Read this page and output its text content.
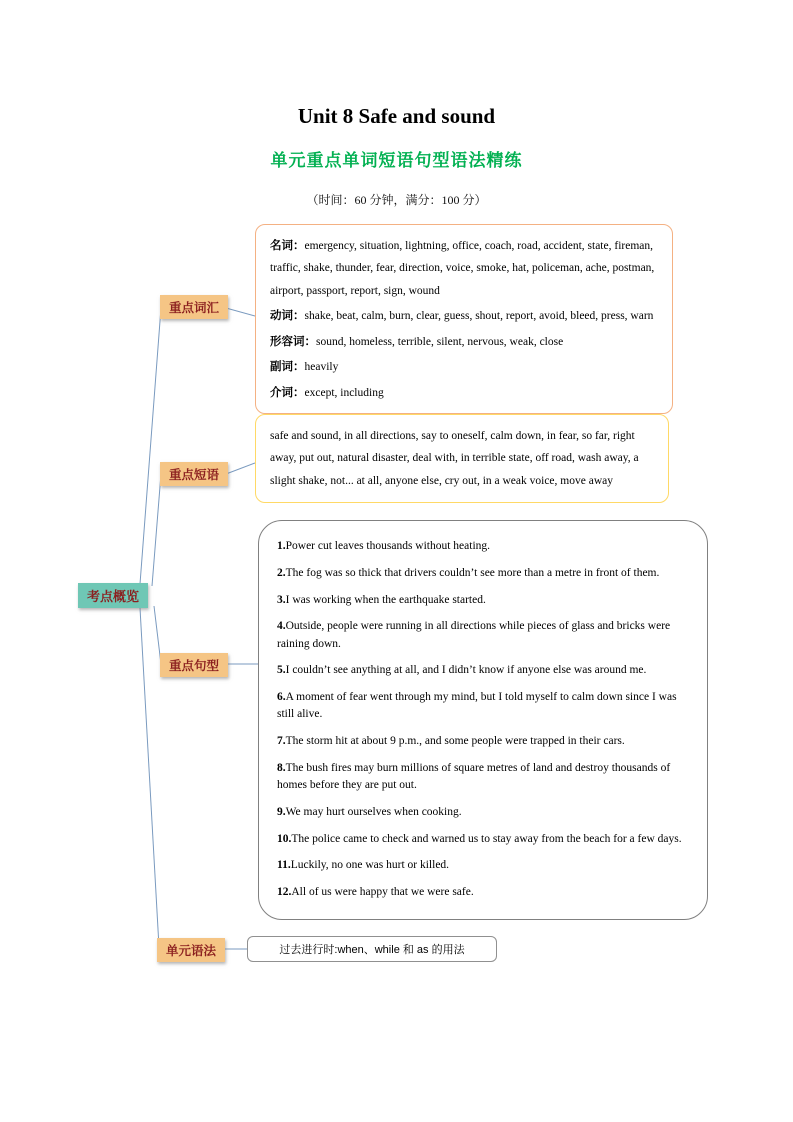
Unit 8 Safe and sound
单元重点单词短语句型语法精练
（时间：60 分钟，满分：100 分）
考点概览
重点词汇
重点短语
重点句型
单元语法

名词：emergency, situation, lightning, office, coach, road, accident, state, fireman, traffic, shake, thunder, fear, direction, voice, smoke, hat, policeman, ache, postman, airport, passport, report, sign, wound

动词：shake, beat, calm, burn, clear, guess, shout, report, avoid, bleed, press, warn

形容词：sound, homeless, terrible, silent, nervous, weak, close

副词：heavily

介词：except, including

safe and sound, in all directions, say to oneself, calm down, in fear, so far, right away, put out, natural disaster, deal with, in terrible state, off road, wash away, a slight shake, not... at all, anyone else, cry out, in a weak voice, move away

1.Power cut leaves thousands without heating.

2.The fog was so thick that drivers couldn’t see more than a metre in front of them.

3.I was working when the earthquake started.

4.Outside, people were running in all directions while pieces of glass and bricks were raining down.

5.I couldn’t see anything at all, and I didn’t know if anyone else was around me.

6.A moment of fear went through my mind, but I told myself to calm down since I was still alive.

7.The storm hit at about 9 p.m., and some people were trapped in their cars.

8.The bush fires may burn millions of square metres of land and destroy thousands of homes before they are put out.

9.We may hurt ourselves when cooking.

10.The police came to check and warned us to stay away from the beach for a few days.

11.Luckily, no one was hurt or killed.

12.All of us were happy that we were safe.

过去进行时:when、while 和 as 的用法
